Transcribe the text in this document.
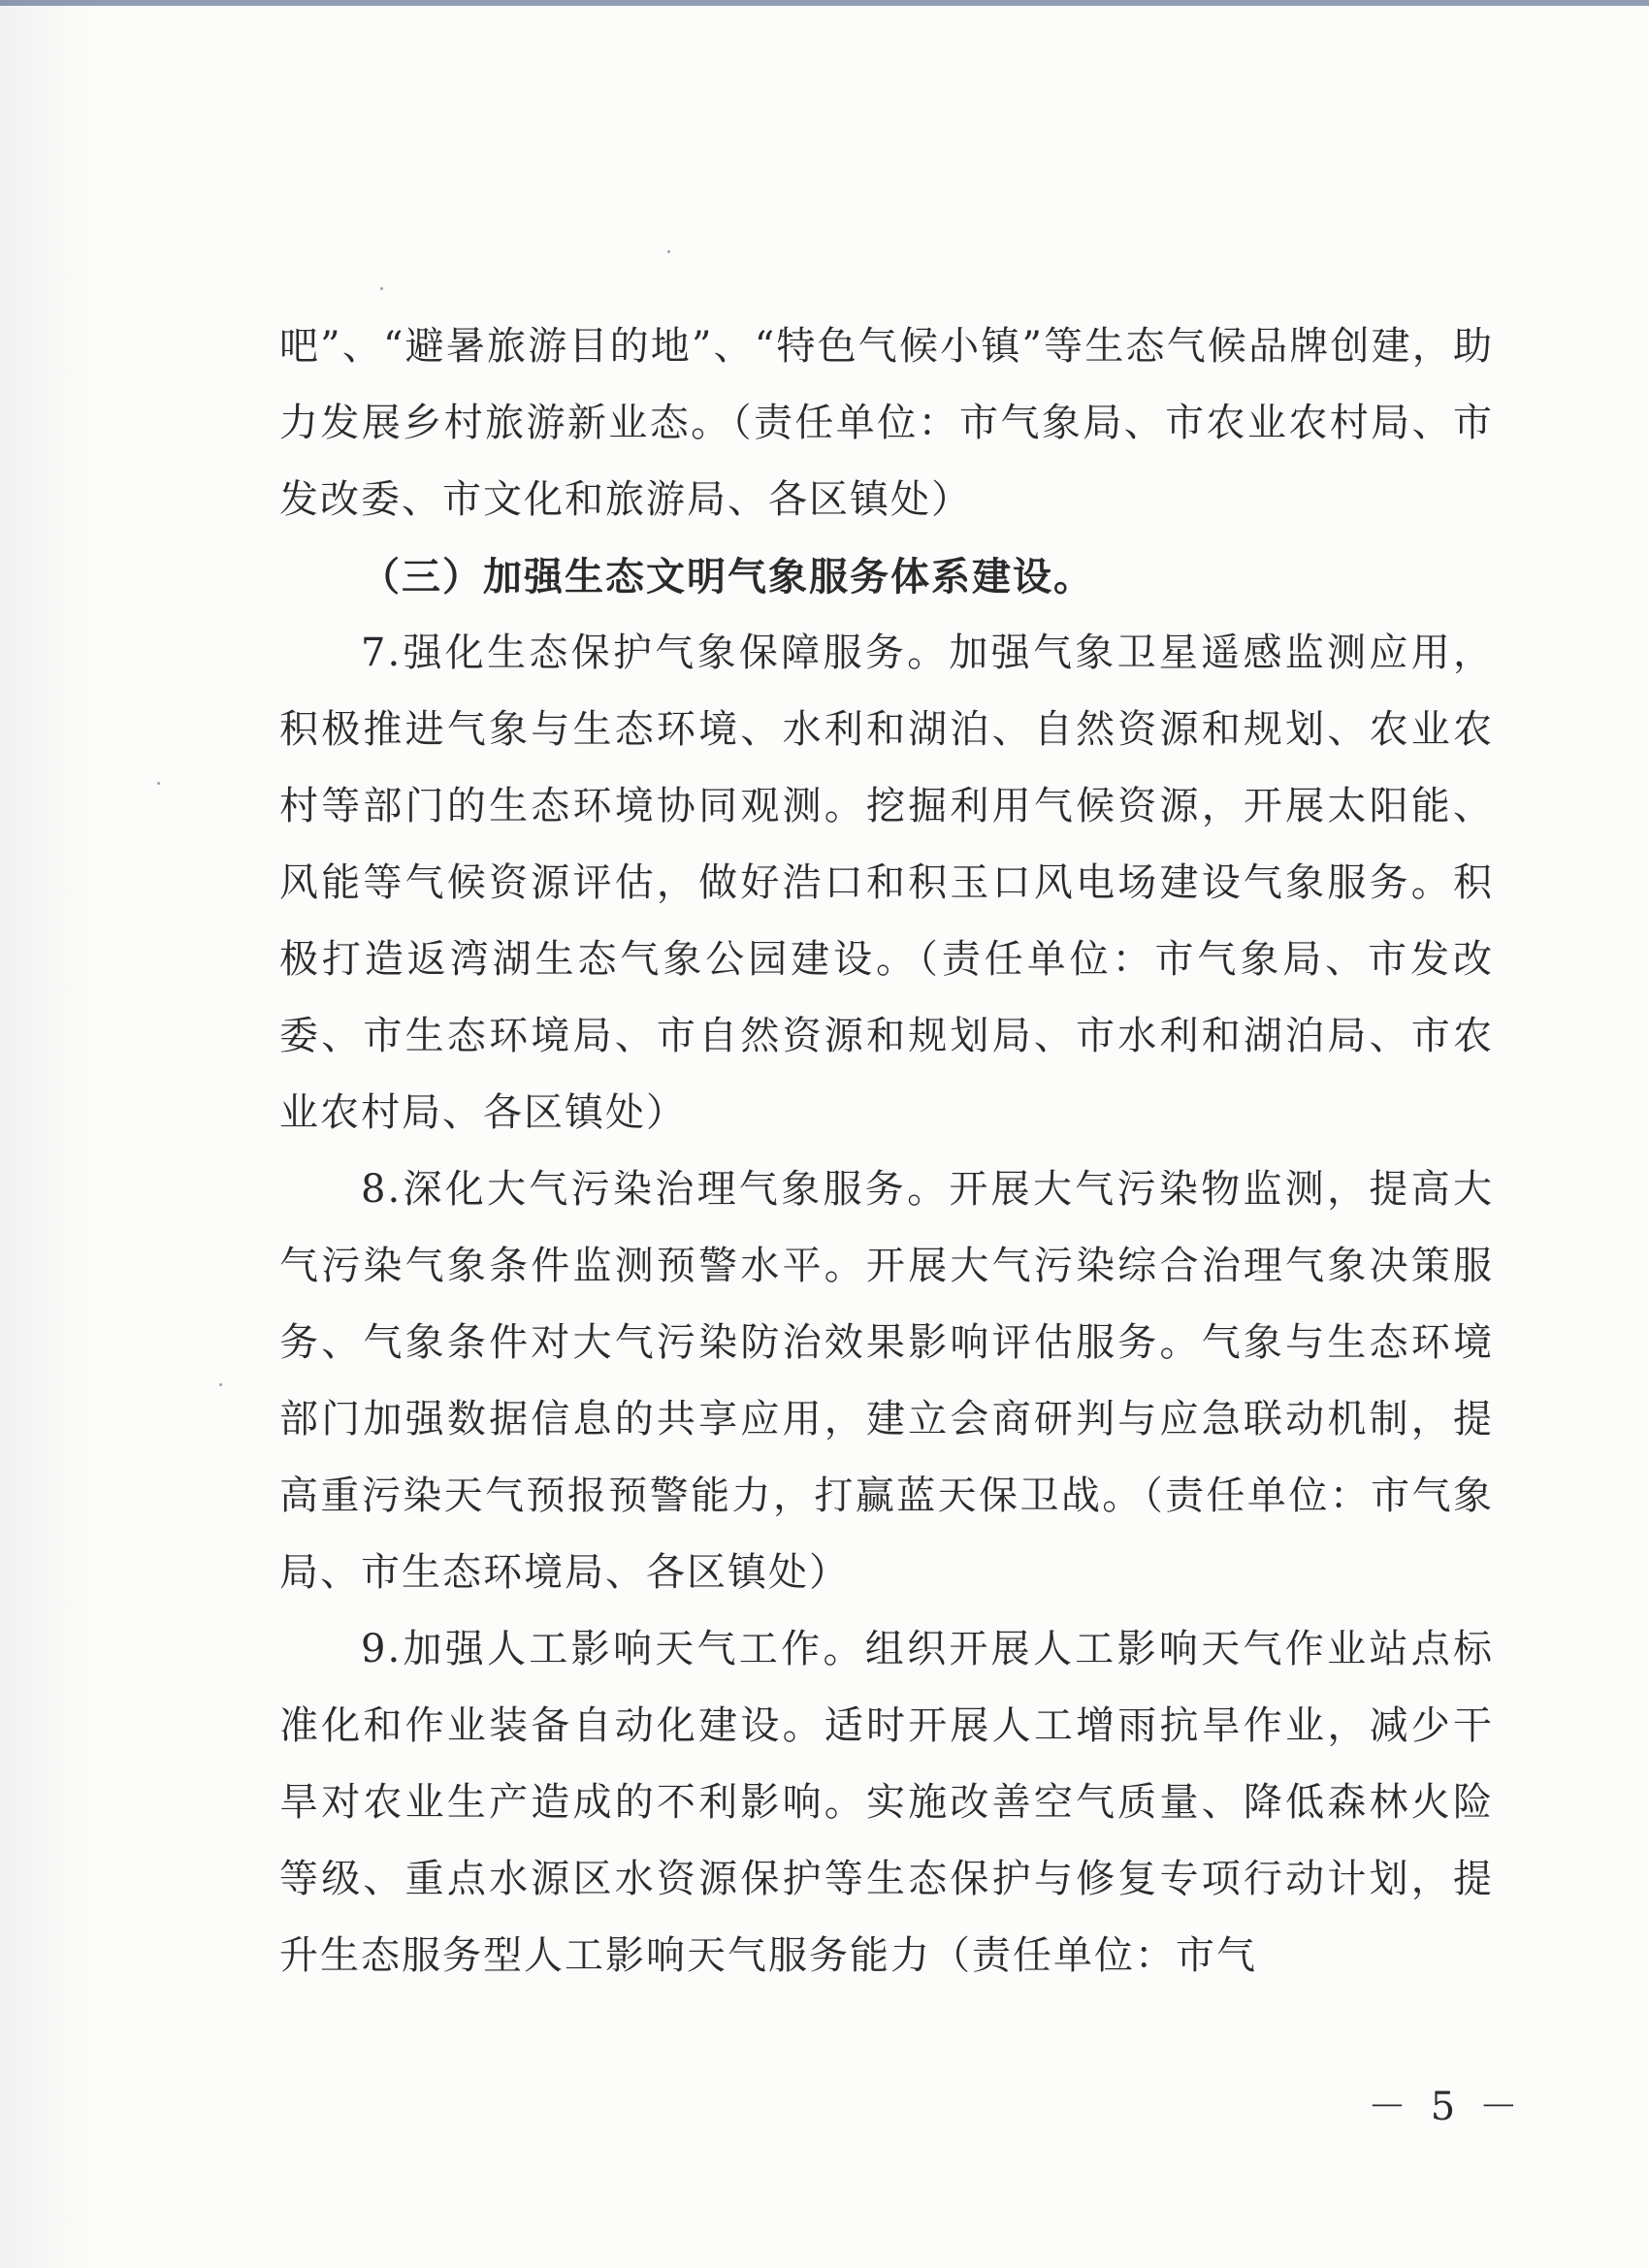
吧”、“避暑旅游目的地”、“特色气候小镇”等生态气候品牌创建，助力发展乡村旅游新业态。（责任单位：市气象局、市农业农村局、市发改委、市文化和旅游局、各区镇处）

（三）加强生态文明气象服务体系建设。

7.强化生态保护气象保障服务。加强气象卫星遥感监测应用，积极推进气象与生态环境、水利和湖泊、自然资源和规划、农业农村等部门的生态环境协同观测。挖掘利用气候资源，开展太阳能、风能等气候资源评估，做好浩口和积玉口风电场建设气象服务。积极打造返湾湖生态气象公园建设。（责任单位：市气象局、市发改委、市生态环境局、市自然资源和规划局、市水利和湖泊局、市农业农村局、各区镇处）

8.深化大气污染治理气象服务。开展大气污染物监测，提高大气污染气象条件监测预警水平。开展大气污染综合治理气象决策服务、气象条件对大气污染防治效果影响评估服务。气象与生态环境部门加强数据信息的共享应用，建立会商研判与应急联动机制，提高重污染天气预报预警能力，打赢蓝天保卫战。（责任单位：市气象局、市生态环境局、各区镇处）

9.加强人工影响天气工作。组织开展人工影响天气作业站点标准化和作业装备自动化建设。适时开展人工增雨抗旱作业，减少干旱对农业生产造成的不利影响。实施改善空气质量、降低森林火险等级、重点水源区水资源保护等生态保护与修复专项行动计划，提升生态服务型人工影响天气服务能力（责任单位：市气

－ 5 －
